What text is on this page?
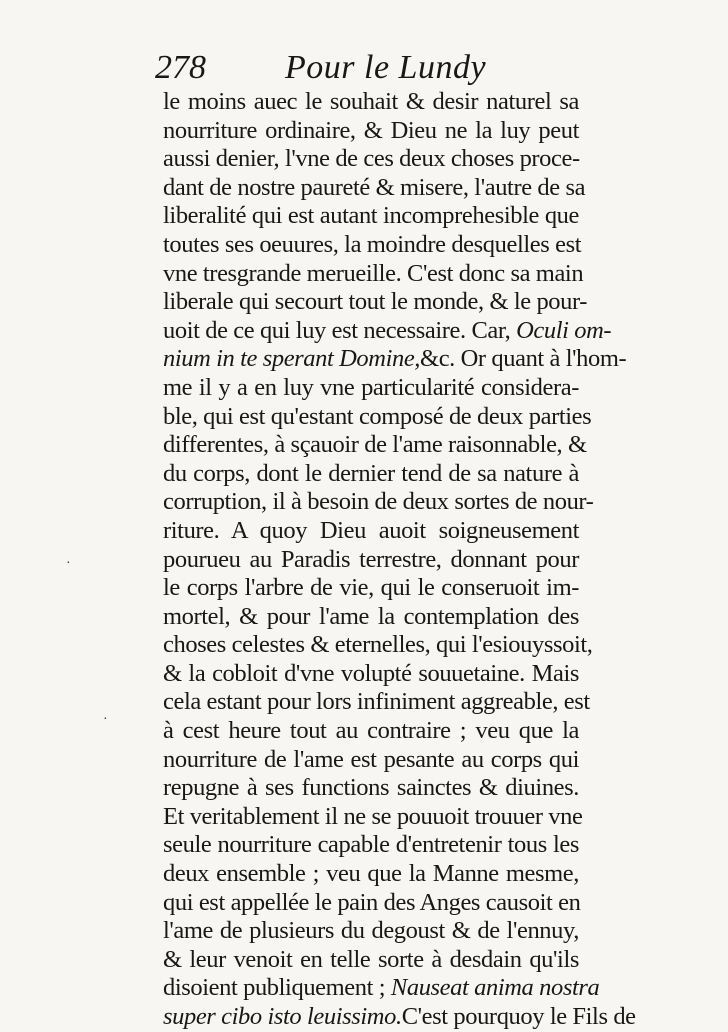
278 Pour le Lundy
le moins auec le souhait & desir naturel sa
nourriture ordinaire, & Dieu ne la luy peut
aussi denier, l'vne de ces deux choses proce-
dant de nostre paureté & misere, l'autre de sa
liberalité qui est autant incomprehesible que
toutes ses oeuures, la moindre desquelles est
vne tresgrande merueille. C'est donc sa main
liberale qui secourt tout le monde, & le pour-
uoit de ce qui luy est necessaire. Car, Oculi om-
nium in te sperant Domine,&c. Or quant à l'hom-
me il y a en luy vne particularité considera-
ble, qui est qu'estant composé de deux parties
differentes, à sçauoir de l'ame raisonnable, &
du corps, dont le dernier tend de sa nature à
corruption, il à besoin de deux sortes de nour-
riture. A quoy Dieu auoit soigneusement
pourueu au Paradis terrestre, donnant pour
le corps l'arbre de vie, qui le conseruoit im-
mortel, & pour l'ame la contemplation des
choses celestes & eternelles, qui l'esiouyssoit,
& la cobloit d'vne volupté souuetaine. Mais
cela estant pour lors infiniment aggreable, est
à cest heure tout au contraire ; veu que la
nourriture de l'ame est pesante au corps qui
repugne à ses functions sainctes & diuines.
Et veritablement il ne se pouuoit trouuer vne
seule nourriture capable d'entretenir tous les
deux ensemble ; veu que la Manne mesme,
qui est appellée le pain des Anges causoit en
l'ame de plusieurs du degoust & de l'ennuy,
& leur venoit en telle sorte à desdain qu'ils
disoient publiquement ; Nauseat anima nostra
super cibo isto leuissimo.C'est pourquoy le Fils de
·
·
